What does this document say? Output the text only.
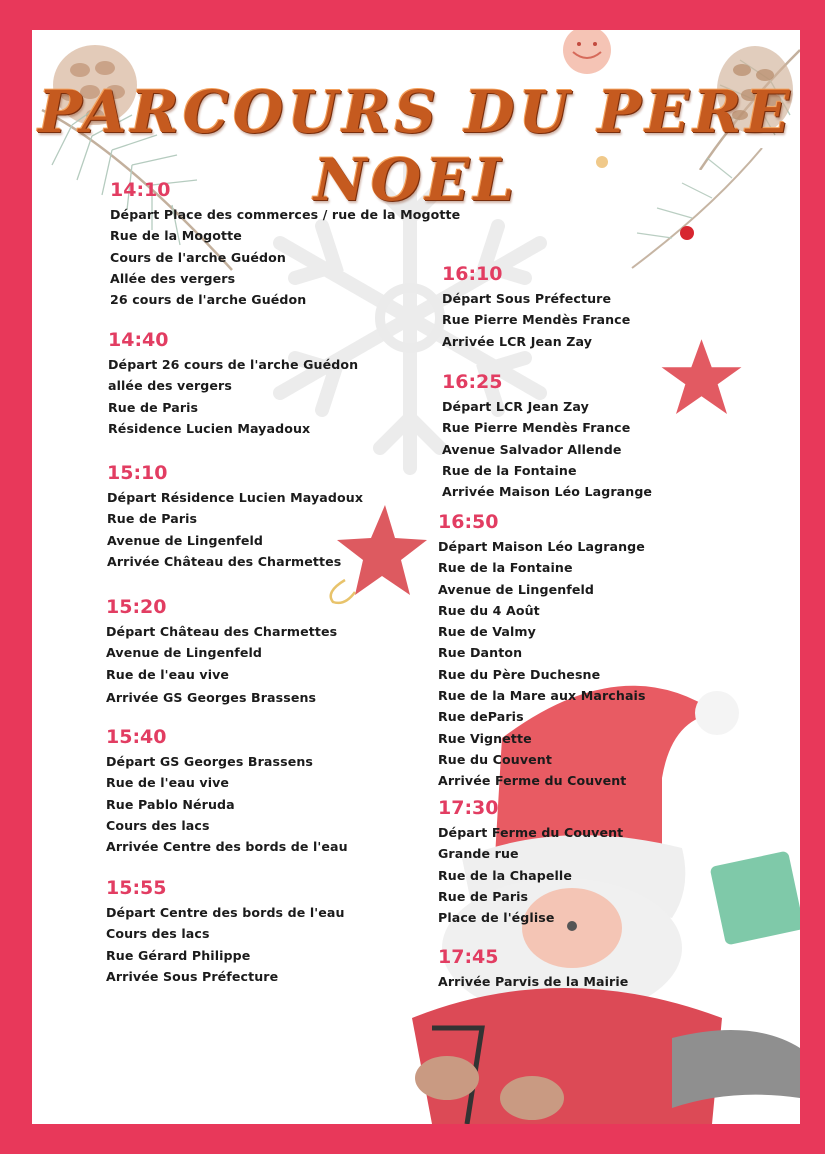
PARCOURS DU PERE NOEL
14:10
Départ Place des commerces / rue de la Mogotte
Rue de la Mogotte
Cours de l'arche Guédon
Allée des vergers
26 cours de l'arche Guédon
14:40
Départ 26 cours de l'arche Guédon
allée des vergers
Rue de Paris
Résidence Lucien Mayadoux
15:10
Départ Résidence Lucien Mayadoux
Rue de Paris
Avenue de Lingenfeld
Arrivée Château des Charmettes
15:20
Départ Château des Charmettes
Avenue de Lingenfeld
Rue de l'eau vive
Arrivée GS Georges Brassens
15:40
Départ GS Georges Brassens
Rue de l'eau vive
Rue Pablo Néruda
Cours des lacs
Arrivée Centre des bords de l'eau
15:55
Départ Centre des bords de l'eau
Cours des lacs
Rue Gérard Philippe
Arrivée Sous Préfecture
16:10
Départ Sous Préfecture
Rue Pierre Mendès France
Arrivée LCR Jean Zay
16:25
Départ LCR Jean Zay
Rue Pierre Mendès France
Avenue Salvador Allende
Rue de la Fontaine
Arrivée Maison Léo Lagrange
16:50
Départ Maison Léo Lagrange
Rue de la Fontaine
Avenue de Lingenfeld
Rue du 4 Août
Rue de Valmy
Rue Danton
Rue du Père Duchesne
Rue de la Mare aux Marchais
Rue deParis
Rue Vignette
Rue du Couvent
Arrivée Ferme du Couvent
17:30
Départ Ferme du Couvent
Grande rue
Rue de la Chapelle
Rue de Paris
Place de l'église
17:45
Arrivée Parvis de la Mairie
